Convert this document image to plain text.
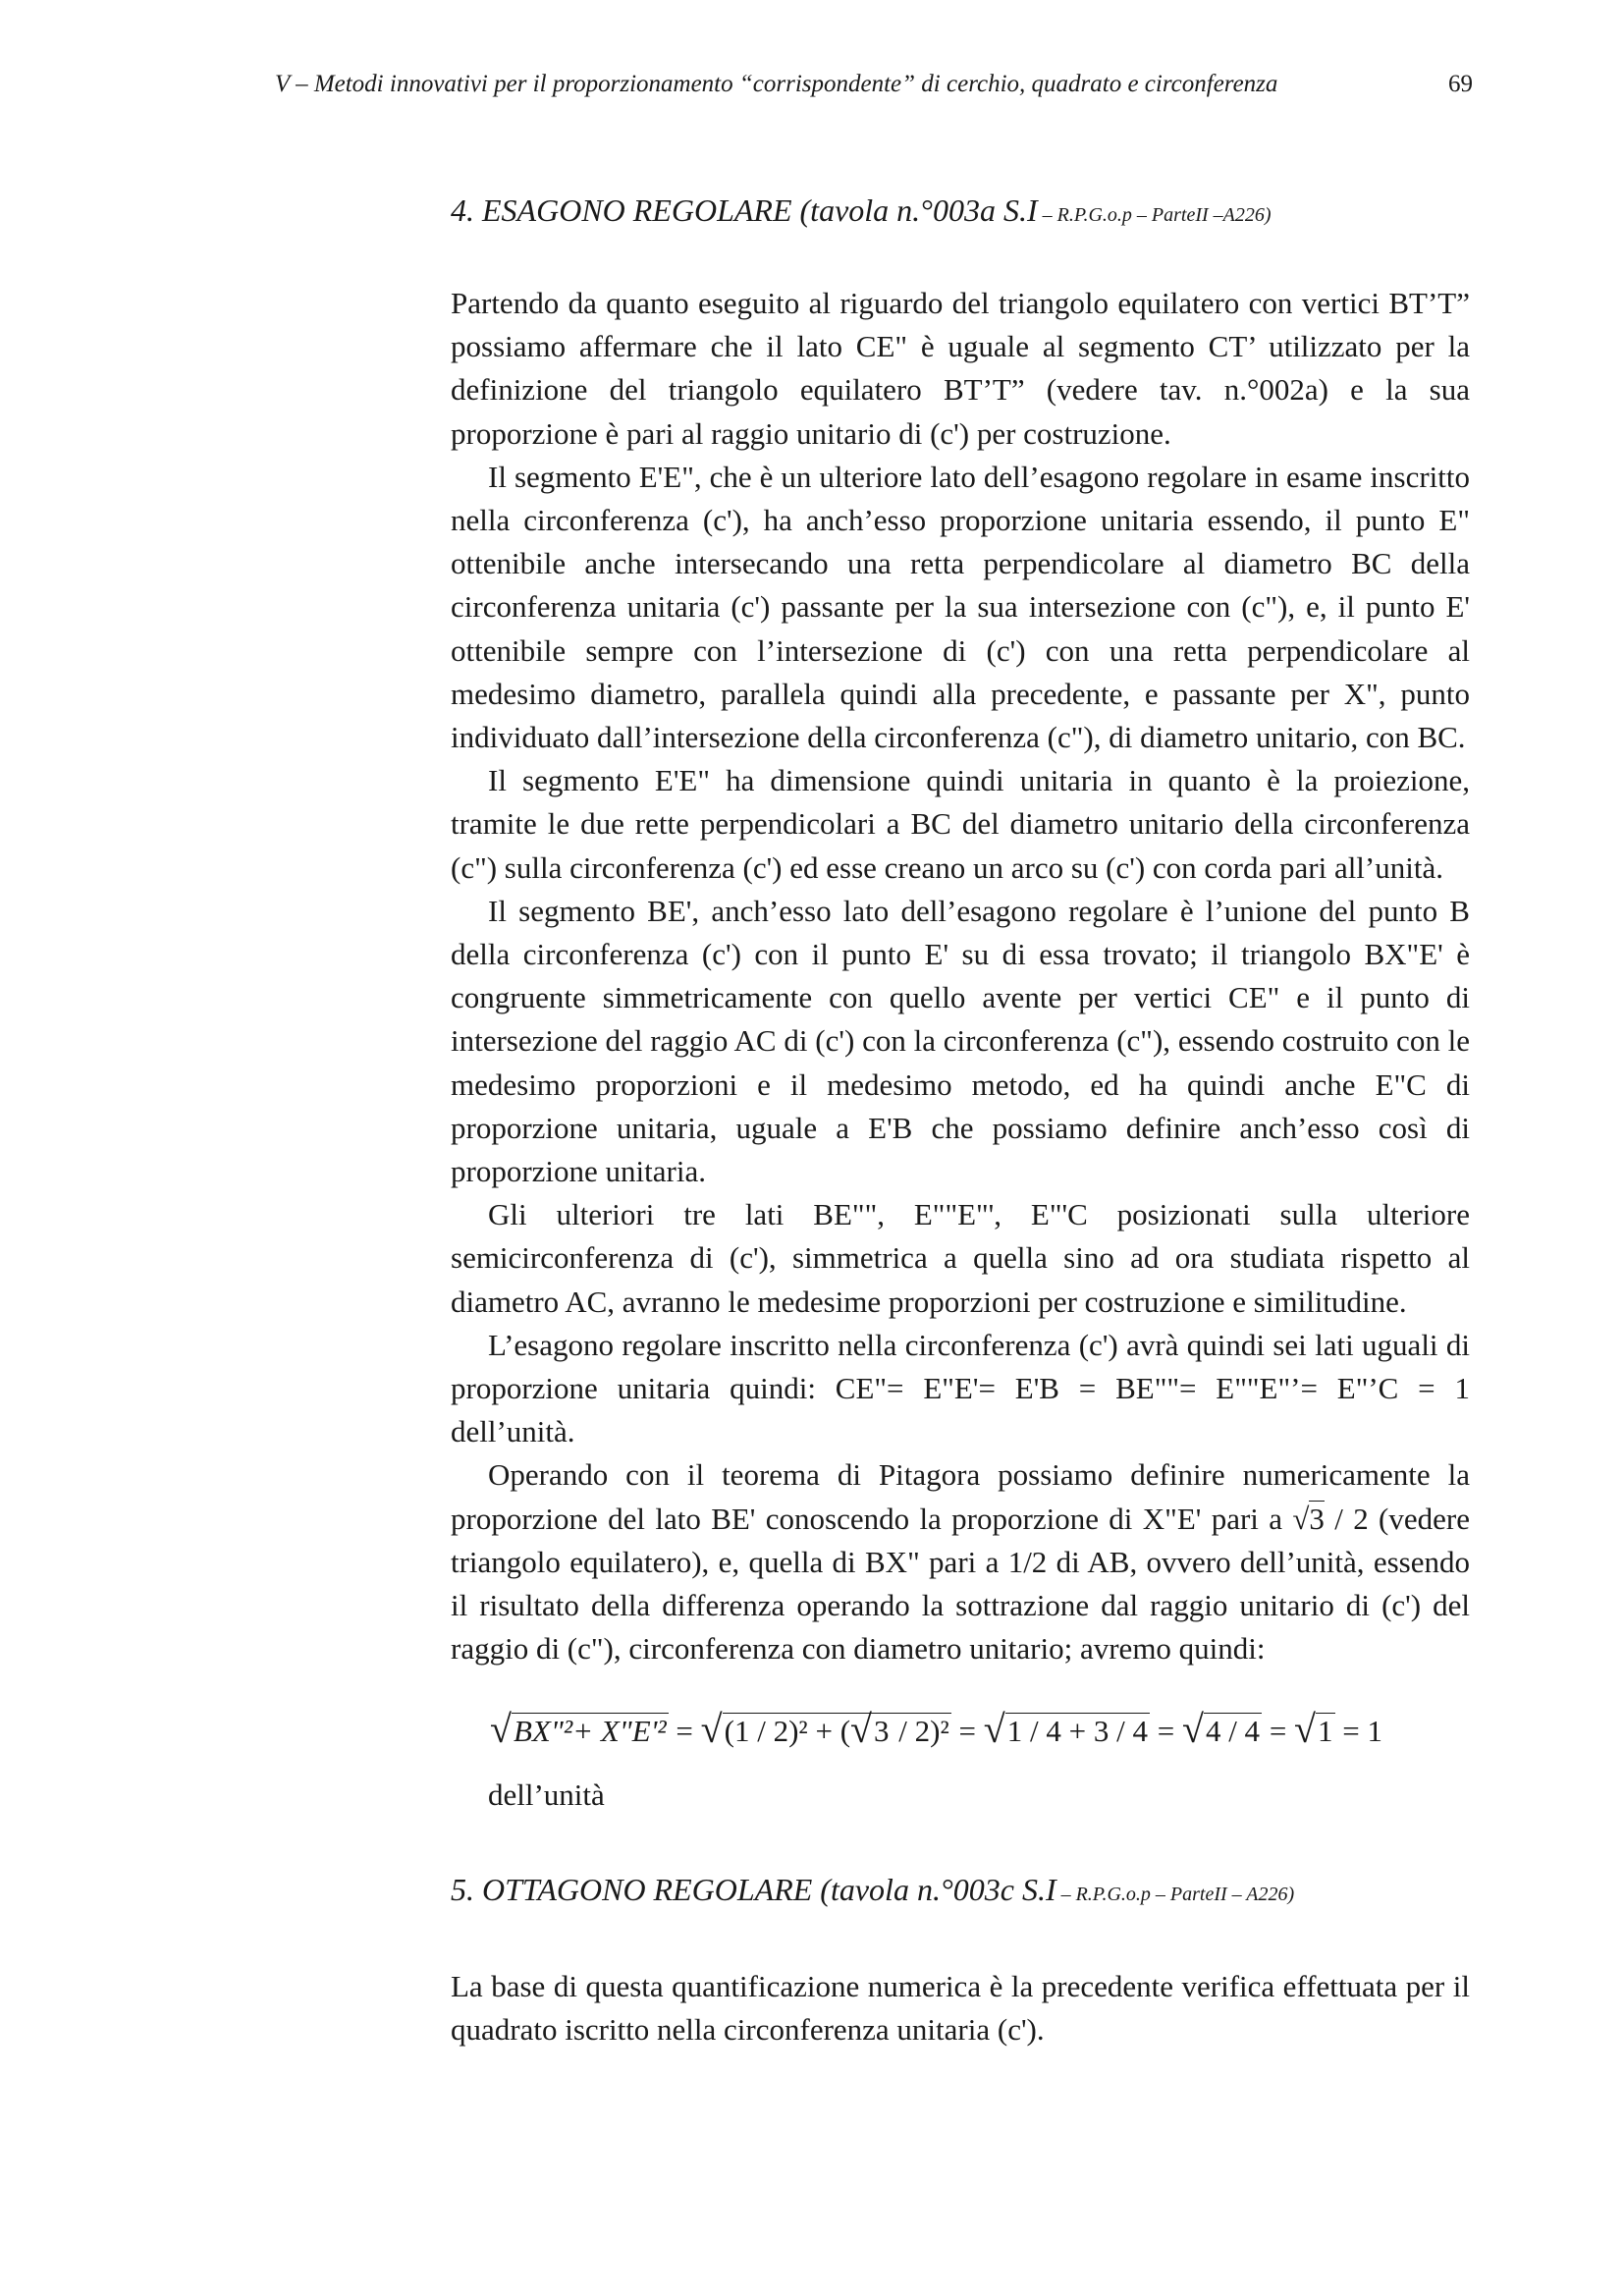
V – Metodi innovativi per il proporzionamento “corrispondente” di cerchio, quadrato e circonferenza	69
4. ESAGONO REGOLARE (tavola n.°003a S.I – R.P.G.o.p – ParteII –A226)

Partendo da quanto eseguito al riguardo del triangolo equilatero con vertici BT’T” possiamo affermare che il lato CE" è uguale al segmento CT’ utilizzato per la definizione del triangolo equilatero BT’T” (vedere tav. n.°002a) e la sua proporzione è pari al raggio unitario di (c') per costruzione.

Il segmento E'E", che è un ulteriore lato dell’esagono regolare in esame inscritto nella circonferenza (c'), ha anch’esso proporzione unitaria essendo, il punto E" ottenibile anche intersecando una retta perpendicolare al diametro BC della circonferenza unitaria (c') passante per la sua intersezione con (c"), e, il punto E' ottenibile sempre con l’intersezione di (c') con una retta perpendicolare al medesimo diametro, parallela quindi alla precedente, e passante per X", punto individuato dall’intersezione della circonferenza (c"), di diametro unitario, con BC.

Il segmento E'E" ha dimensione quindi unitaria in quanto è la proiezione, tramite le due rette perpendicolari a BC del diametro unitario della circonferenza (c") sulla circonferenza (c') ed esse creano un arco su (c') con corda pari all’unità.

Il segmento BE', anch’esso lato dell’esagono regolare è l’unione del punto B della circonferenza (c') con il punto E' su di essa trovato; il triangolo BX"E' è congruente simmetricamente con quello avente per vertici CE" e il punto di intersezione del raggio AC di (c') con la circonferenza (c"), essendo costruito con le medesimo proporzioni e il medesimo metodo, ed ha quindi anche E"C di proporzione unitaria, uguale a E'B che possiamo definire anch’esso così di proporzione unitaria.

Gli ulteriori tre lati BE"", E""E"', E"'C posizionati sulla ulteriore semicirconferenza di (c'), simmetrica a quella sino ad ora studiata rispetto al diametro AC, avranno le medesime proporzioni per costruzione e similitudine.

L’esagono regolare inscritto nella circonferenza (c') avrà quindi sei lati uguali di proporzione unitaria quindi: CE"= E"E'= E'B = BE""= E""E"’= E"’C = 1 dell’unità.

Operando con il teorema di Pitagora possiamo definire numericamente la proporzione del lato BE' conoscendo la proporzione di X"E' pari a √3 / 2 (vedere triangolo equilatero), e, quella di BX" pari a 1/2 di AB, ovvero dell’unità, essendo il risultato della differenza operando la sottrazione dal raggio unitario di (c') del raggio di (c"), circonferenza con diametro unitario; avremo quindi:

√ BX"²+ X"E'² = √ (1 / 2)² + (√ 3 / 2)² = √ 1 / 4 + 3 / 4 = √ 4 / 4 = √ 1 = 1
dell’unità
5. OTTAGONO REGOLARE (tavola n.°003c S.I – R.P.G.o.p – ParteII – A226)

La base di questa quantificazione numerica è la precedente verifica effettuata per il quadrato iscritto nella circonferenza unitaria (c').
